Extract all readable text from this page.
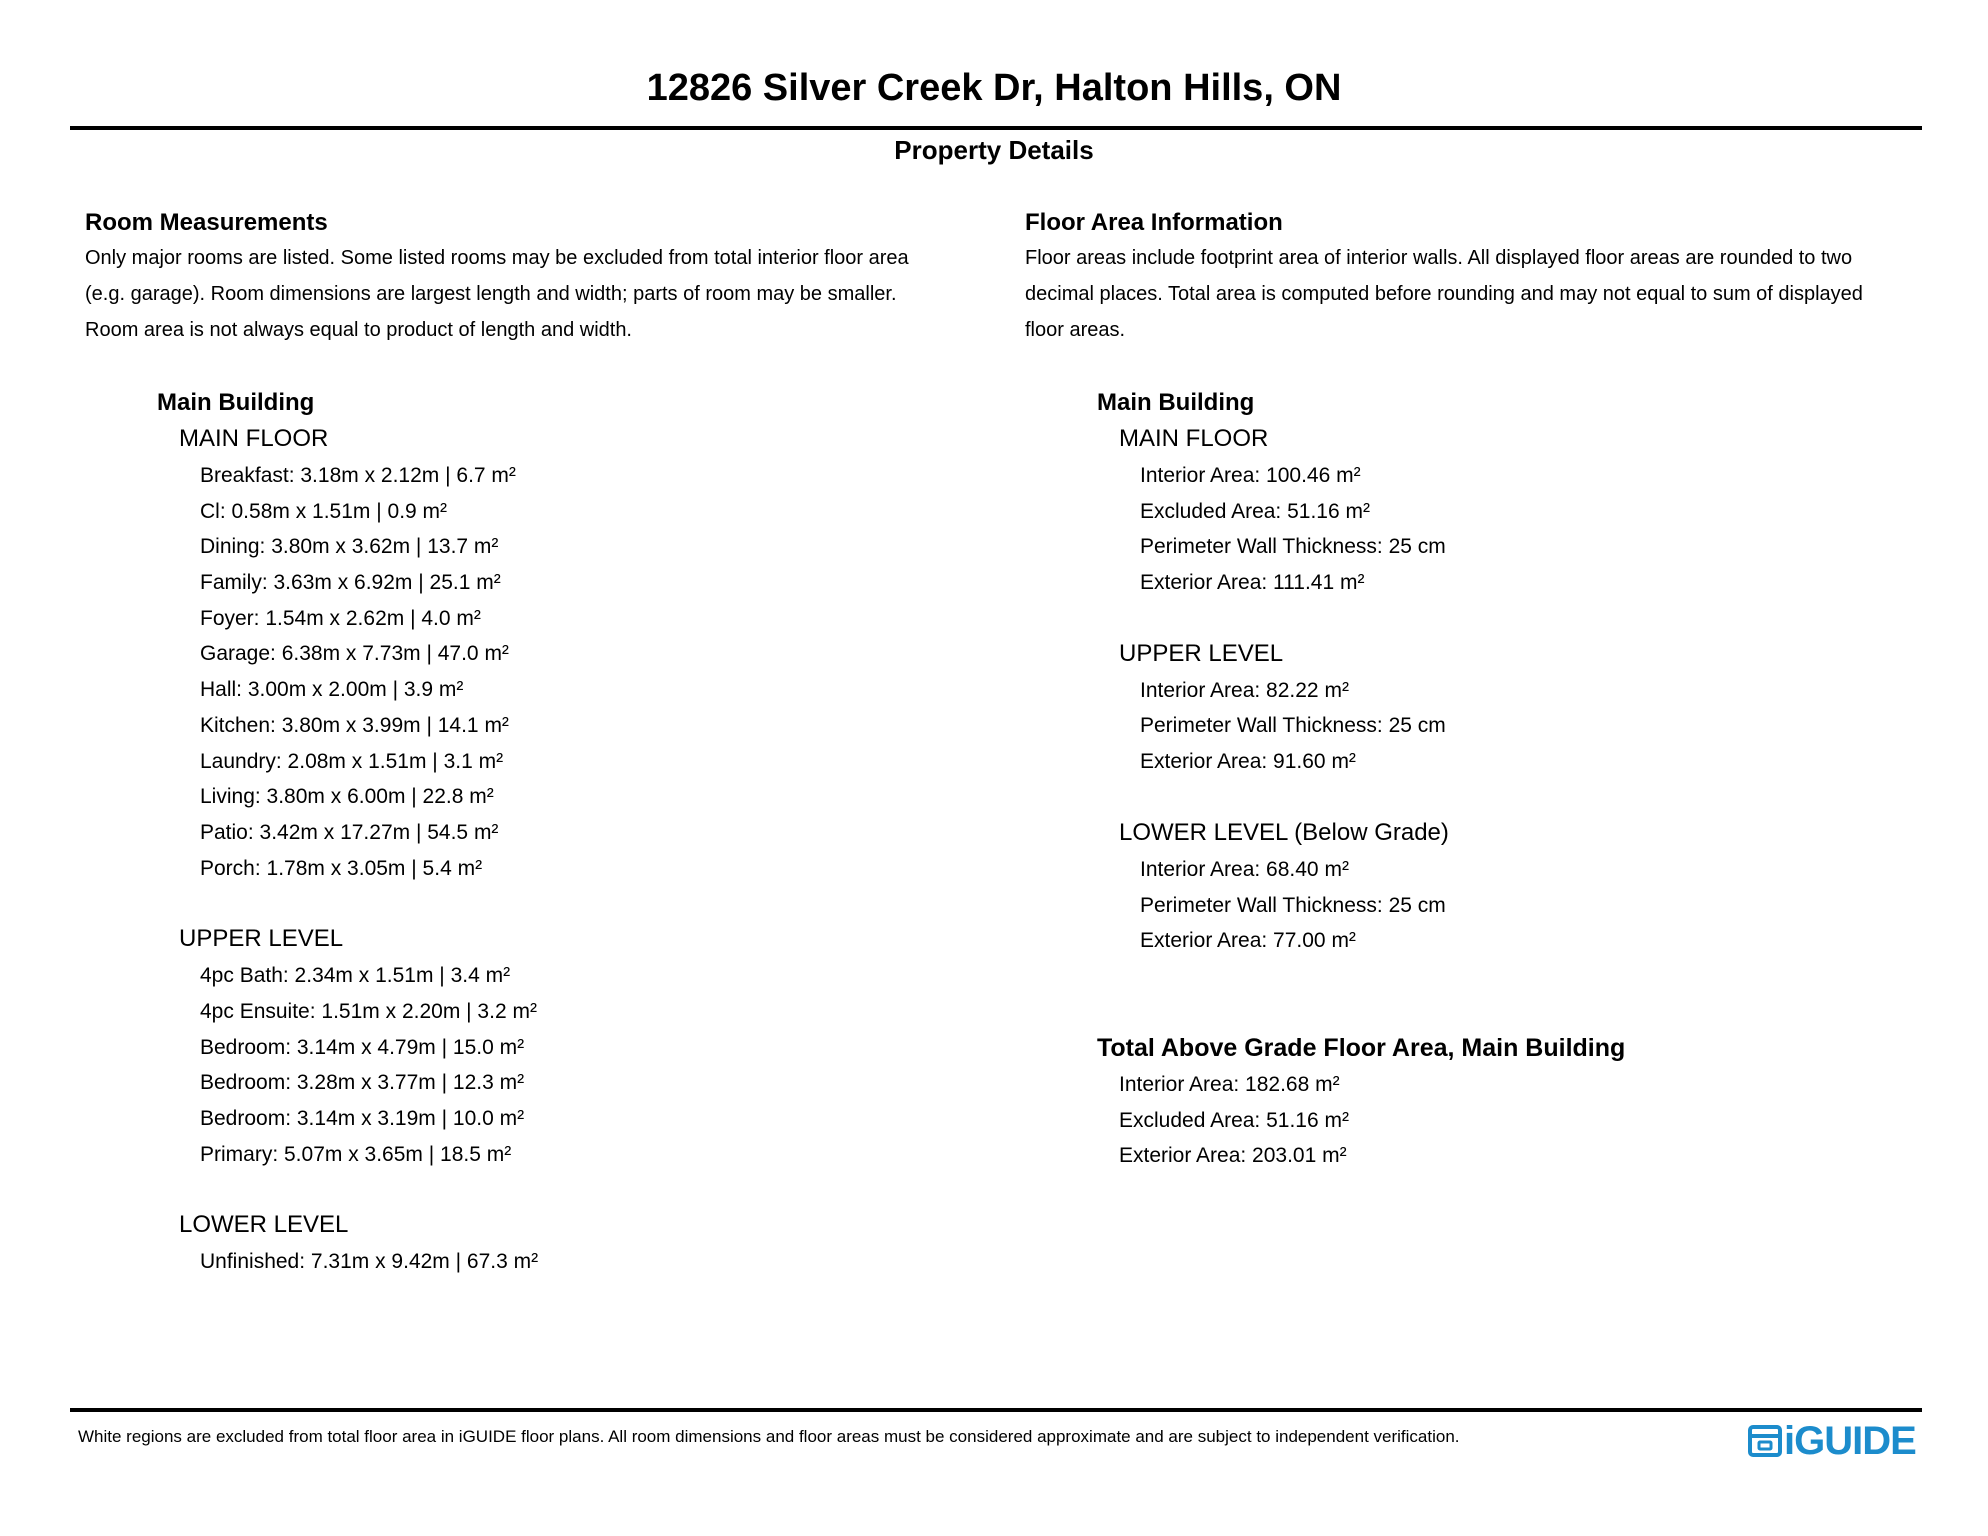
12826 Silver Creek Dr, Halton Hills, ON
Property Details
Room Measurements

Only major rooms are listed. Some listed rooms may be excluded from total interior floor area

(e.g. garage). Room dimensions are largest length and width; parts of room may be smaller.

Room area is not always equal to product of length and width.

Main Building
MAIN FLOOR
Breakfast: 3.18m x 2.12m | 6.7 m²
Cl: 0.58m x 1.51m | 0.9 m²
Dining: 3.80m x 3.62m | 13.7 m²
Family: 3.63m x 6.92m | 25.1 m²
Foyer: 1.54m x 2.62m | 4.0 m²
Garage: 6.38m x 7.73m | 47.0 m²
Hall: 3.00m x 2.00m | 3.9 m²
Kitchen: 3.80m x 3.99m | 14.1 m²
Laundry: 2.08m x 1.51m | 3.1 m²
Living: 3.80m x 6.00m | 22.8 m²
Patio: 3.42m x 17.27m | 54.5 m²
Porch: 1.78m x 3.05m | 5.4 m²
UPPER LEVEL
4pc Bath: 2.34m x 1.51m | 3.4 m²
4pc Ensuite: 1.51m x 2.20m | 3.2 m²
Bedroom: 3.14m x 4.79m | 15.0 m²
Bedroom: 3.28m x 3.77m | 12.3 m²
Bedroom: 3.14m x 3.19m | 10.0 m²
Primary: 5.07m x 3.65m | 18.5 m²
LOWER LEVEL
Unfinished: 7.31m x 9.42m | 67.3 m²
Floor Area Information

Floor areas include footprint area of interior walls. All displayed floor areas are rounded to two

decimal places. Total area is computed before rounding and may not equal to sum of displayed

floor areas.

Main Building
MAIN FLOOR
Interior Area: 100.46 m²
Excluded Area: 51.16 m²
Perimeter Wall Thickness: 25 cm
Exterior Area: 111.41 m²
UPPER LEVEL
Interior Area: 82.22 m²
Perimeter Wall Thickness: 25 cm
Exterior Area: 91.60 m²
LOWER LEVEL (Below Grade)
Interior Area: 68.40 m²
Perimeter Wall Thickness: 25 cm
Exterior Area: 77.00 m²
Total Above Grade Floor Area, Main Building
Interior Area: 182.68 m²
Excluded Area: 51.16 m²
Exterior Area: 203.01 m²
White regions are excluded from total floor area in iGUIDE floor plans. All room dimensions and floor areas must be considered approximate and are subject to independent verification.	iGUIDE
